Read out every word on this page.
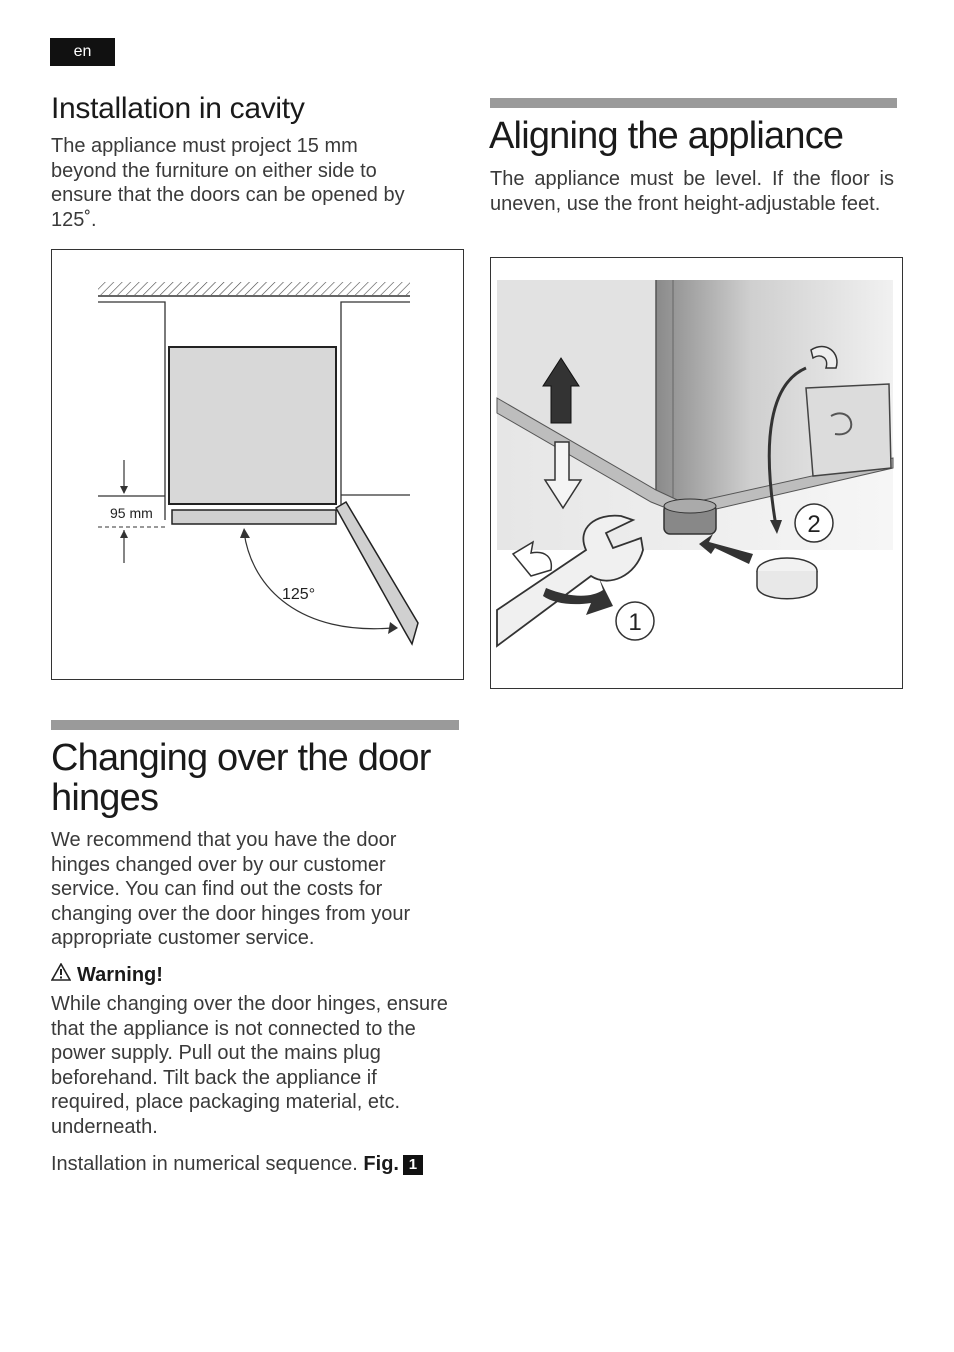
en
Installation in cavity

The appliance must project 15 mm beyond the furniture on either side to ensure that the doors can be opened by 125˚.

95 mm
125°
Aligning the appliance

The appliance must be level. If the floor is uneven, use the front height-adjustable feet.

2
1
Changing over the door
hinges

We recommend that you have the door hinges changed over by our customer service. You can find out the costs for changing over the door hinges from your appropriate customer service.

Warning!

While changing over the door hinges, ensure that the appliance is not connected to the power supply. Pull out the mains plug beforehand. Tilt back the appliance if required, place packaging material, etc. underneath.

Installation in numerical sequence. Fig. 1
